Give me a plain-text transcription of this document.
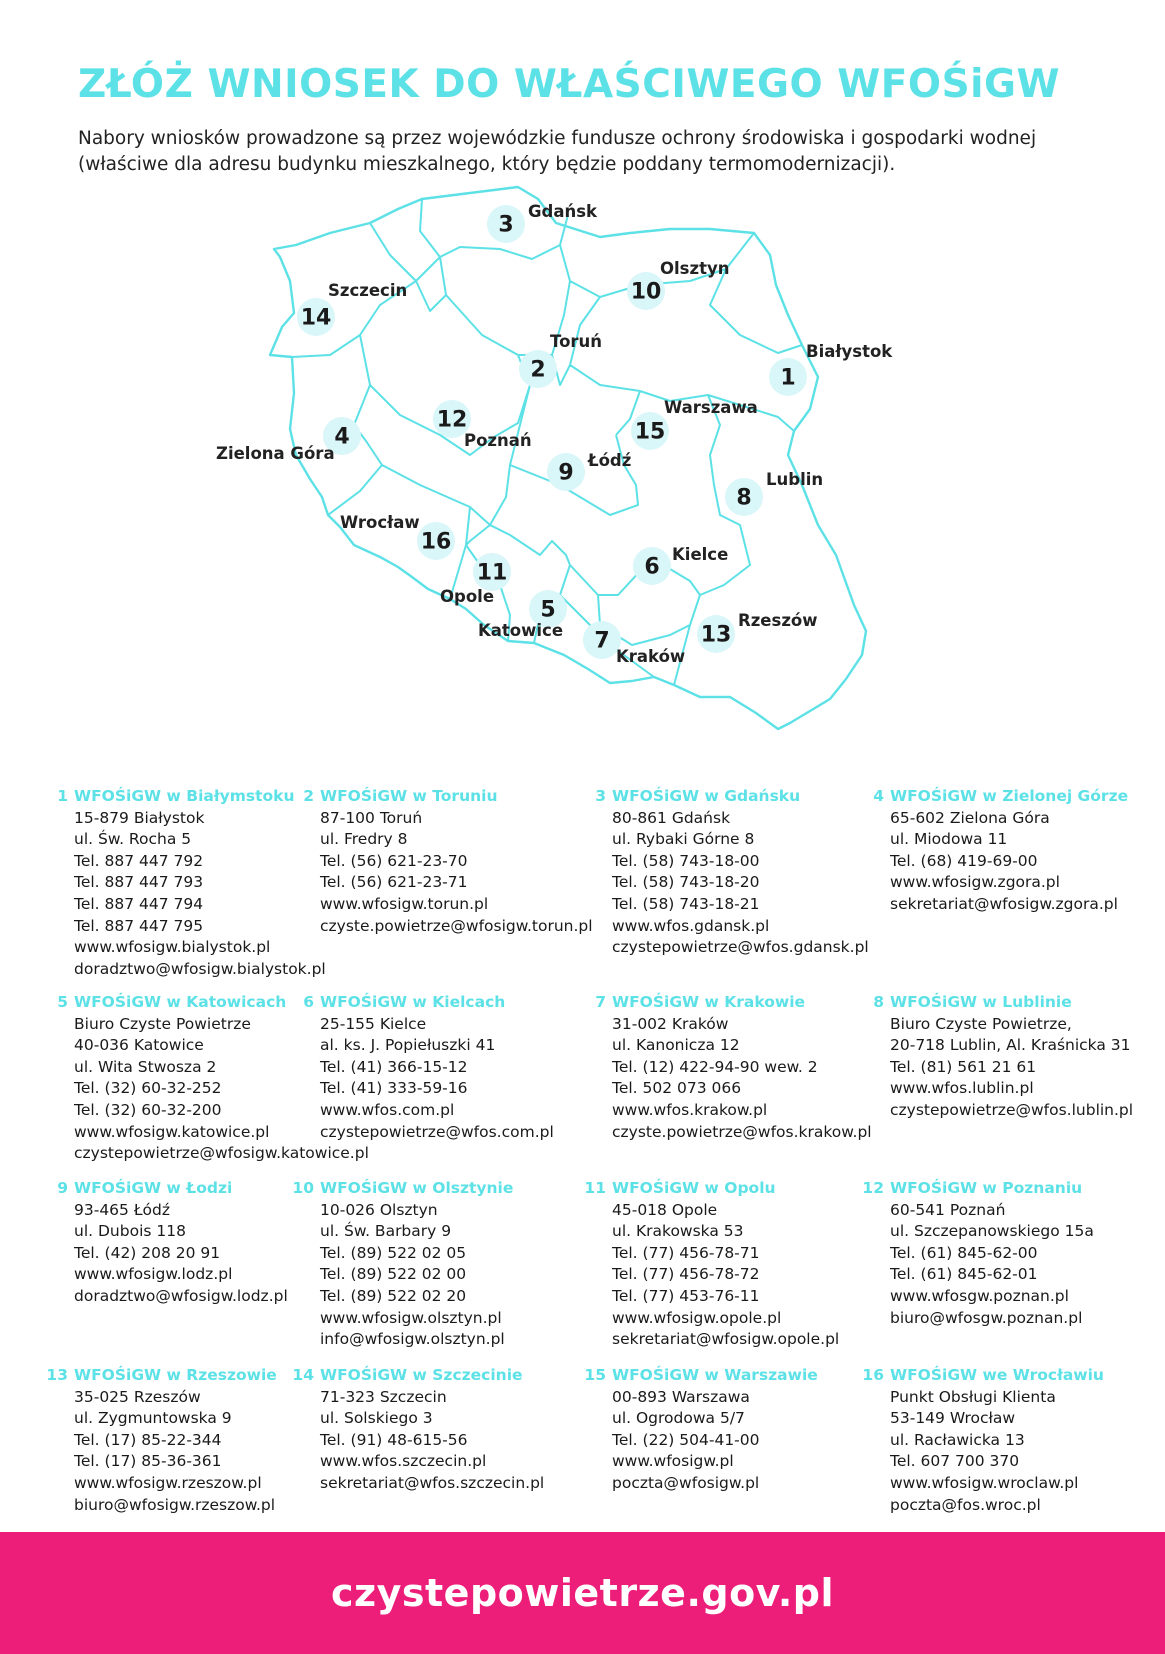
ZŁÓŻ WNIOSEK DO WŁAŚCIWEGO WFOŚiGW

Nabory wniosków prowadzone są przez wojewódzkie fundusze ochrony środowiska i gospodarki wodnej (właściwe dla adresu budynku mieszkalnego, który będzie poddany termomodernizacji).

1
Białystok
2
Toruń
3
Gdańsk
4
Zielona Góra
5
Katowice
6 Kielce
7
Kraków
8
Lublin
9 Łódź
10
Olsztyn
11
Opole
12
Poznań
13
Rzeszów
14
Szczecin
15
Warszawa
16
Wrocław
1 WFOŚiGW w Białymstoku
15-879 Białystok
ul. Św. Rocha 5
Tel. 887 447 792
Tel. 887 447 793
Tel. 887 447 794
Tel. 887 447 795
www.wfosigw.bialystok.pl
doradztwo@wfosigw.bialystok.pl
2 WFOŚiGW w Toruniu
87-100 Toruń
ul. Fredry 8
Tel. (56) 621-23-70
Tel. (56) 621-23-71
www.wfosigw.torun.pl
czyste.powietrze@wfosigw.torun.pl
3 WFOŚiGW w Gdańsku
80-861 Gdańsk
ul. Rybaki Górne 8
Tel. (58) 743-18-00
Tel. (58) 743-18-20
Tel. (58) 743-18-21
www.wfos.gdansk.pl
czystepowietrze@wfos.gdansk.pl
4 WFOŚiGW w Zielonej Górze
65-602 Zielona Góra
ul. Miodowa 11
Tel. (68) 419-69-00
www.wfosigw.zgora.pl
sekretariat@wfosigw.zgora.pl
5 WFOŚiGW w Katowicach
Biuro Czyste Powietrze
40-036 Katowice
ul. Wita Stwosza 2
Tel. (32) 60-32-252
Tel. (32) 60-32-200
www.wfosigw.katowice.pl
czystepowietrze@wfosigw.katowice.pl
6 WFOŚiGW w Kielcach
25-155 Kielce
al. ks. J. Popiełuszki 41
Tel. (41) 366-15-12
Tel. (41) 333-59-16
www.wfos.com.pl
czystepowietrze@wfos.com.pl
7 WFOŚiGW w Krakowie
31-002 Kraków
ul. Kanonicza 12
Tel. (12) 422-94-90 wew. 2
Tel. 502 073 066
www.wfos.krakow.pl
czyste.powietrze@wfos.krakow.pl
8 WFOŚiGW w Lublinie
Biuro Czyste Powietrze,
20-718 Lublin, Al. Kraśnicka 31
Tel. (81) 561 21 61
www.wfos.lublin.pl
czystepowietrze@wfos.lublin.pl
9 WFOŚiGW w Łodzi
93-465 Łódź
ul. Dubois 118
Tel. (42) 208 20 91
www.wfosigw.lodz.pl
doradztwo@wfosigw.lodz.pl
10 WFOŚiGW w Olsztynie
10-026 Olsztyn
ul. Św. Barbary 9
Tel. (89) 522 02 05
Tel. (89) 522 02 00
Tel. (89) 522 02 20
www.wfosigw.olsztyn.pl
info@wfosigw.olsztyn.pl
11 WFOŚiGW w Opolu
45-018 Opole
ul. Krakowska 53
Tel. (77) 456-78-71
Tel. (77) 456-78-72
Tel. (77) 453-76-11
www.wfosigw.opole.pl
sekretariat@wfosigw.opole.pl
12 WFOŚiGW w Poznaniu
60-541 Poznań
ul. Szczepanowskiego 15a
Tel. (61) 845-62-00
Tel. (61) 845-62-01
www.wfosgw.poznan.pl
biuro@wfosgw.poznan.pl
13 WFOŚiGW w Rzeszowie
35-025 Rzeszów
ul. Zygmuntowska 9
Tel. (17) 85-22-344
Tel. (17) 85-36-361
www.wfosigw.rzeszow.pl
biuro@wfosigw.rzeszow.pl
14 WFOŚiGW w Szczecinie
71-323 Szczecin
ul. Solskiego 3
Tel. (91) 48-615-56
www.wfos.szczecin.pl
sekretariat@wfos.szczecin.pl
15 WFOŚiGW w Warszawie
00-893 Warszawa
ul. Ogrodowa 5/7
Tel. (22) 504-41-00
www.wfosigw.pl
poczta@wfosigw.pl
16 WFOŚiGW we Wrocławiu
Punkt Obsługi Klienta
53-149 Wrocław
ul. Racławicka 13
Tel. 607 700 370
www.wfosigw.wroclaw.pl
poczta@fos.wroc.pl
czystepowietrze.gov.pl
